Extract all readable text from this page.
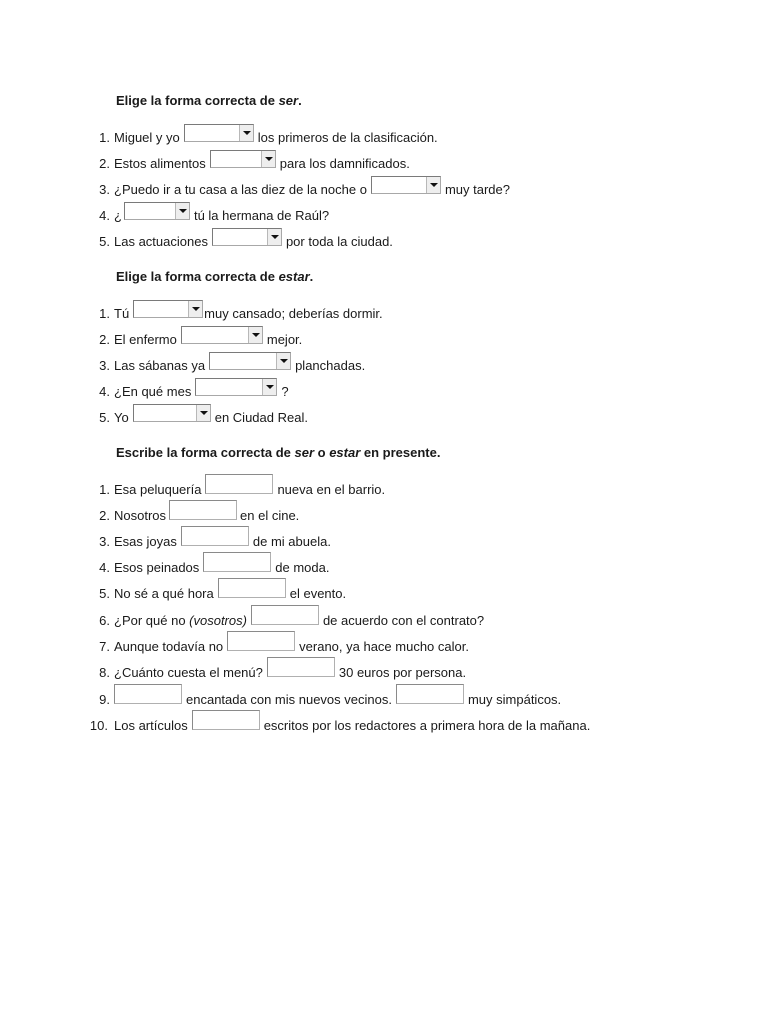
Elige la forma correcta de ser.
1. Miguel y yo	los primeros de la clasificación.
2. Estos alimentos	para los damnificados.
3. ¿Puedo ir a tu casa a las diez de la noche o	muy tarde?
4. ¿	tú la hermana de Raúl?
5. Las actuaciones	por toda la ciudad.
Elige la forma correcta de estar.
1. Tú	muy cansado; deberías dormir.
2. El enfermo	mejor.
3. Las sábanas ya	planchadas.
4. ¿En qué mes	?
5. Yo	en Ciudad Real.
Escribe la forma correcta de ser o estar en presente.
1. Esa peluquería	nueva en el barrio.
2. Nosotros	en el cine.
3. Esas joyas	de mi abuela.
4. Esos peinados	de moda.
5. No sé a qué hora	el evento.
6. ¿Por qué no (vosotros)	de acuerdo con el contrato?
7. Aunque todavía no	verano, ya hace mucho calor.
8. ¿Cuánto cuesta el menú?	30 euros por persona.
9.	encantada con mis nuevos vecinos.	muy simpáticos.
10. Los artículos	escritos por los redactores a primera hora de la mañana.
